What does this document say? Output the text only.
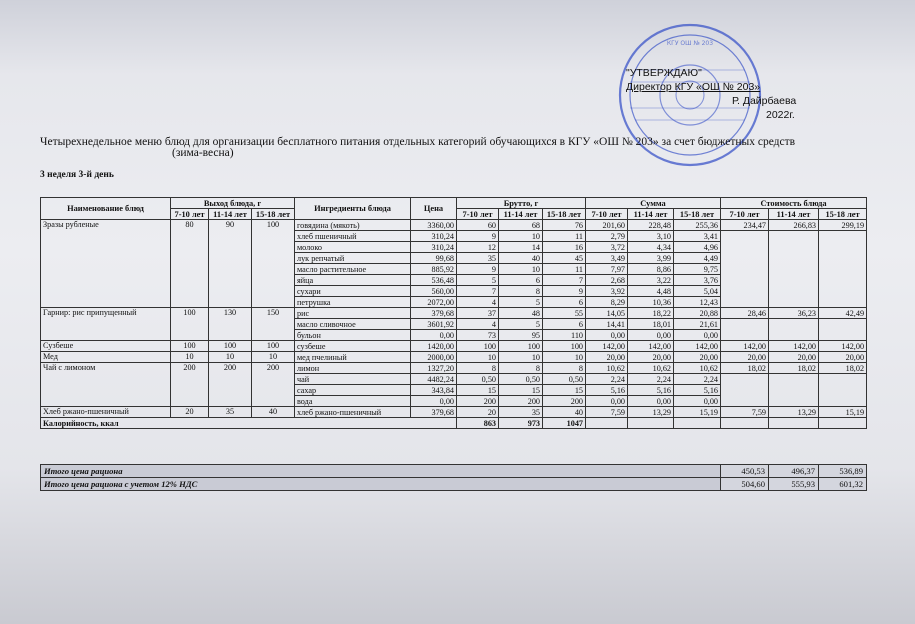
КГУ ОШ № 203
"УТВЕРЖДАЮ"
Директор КГУ «ОШ № 203»
Р. Дайрбаева
2022г.
Четырехнедельное меню блюд для организации бесплатного питания отдельных категорий обучающихся в КГУ «ОШ № 203» за счет бюджетных средств
(зима-весна)
3 неделя 3-й день
Наименование блюд	Выход блюда, г			Ингредиенты блюда	Цена	Брутто, г			Сумма			Стоимость блюда		
	7-10 лет	11-14 лет	15-18 лет			7-10 лет	11-14 лет	15-18 лет	7-10 лет	11-14 лет	15-18 лет	7-10 лет	11-14 лет	15-18 лет
Зразы рубленые	80	90	100	говядина (мякоть)	3360,00	60	68	76	201,60	228,48	255,36	234,47	266,83	299,19
				хлеб пшеничный	310,24	9	10	11	2,79	3,10	3,41			
				молоко	310,24	12	14	16	3,72	4,34	4,96			
				лук репчатый	99,68	35	40	45	3,49	3,99	4,49			
				масло растительное	885,92	9	10	11	7,97	8,86	9,75			
				яйца	536,48	5	6	7	2,68	3,22	3,76			
				сухари	560,00	7	8	9	3,92	4,48	5,04			
				петрушка	2072,00	4	5	6	8,29	10,36	12,43			
Гарнир: рис припущенный	100	130	150	рис	379,68	37	48	55	14,05	18,22	20,88	28,46	36,23	42,49
				масло сливочное	3601,92	4	5	6	14,41	18,01	21,61			
				бульон	0,00	73	95	110	0,00	0,00	0,00			
Сузбеше	100	100	100	сузбеше	1420,00	100	100	100	142,00	142,00	142,00	142,00	142,00	142,00
Мед	10	10	10	мед пчелиный	2000,00	10	10	10	20,00	20,00	20,00	20,00	20,00	20,00
Чай с лимоном	200	200	200	лимон	1327,20	8	8	8	10,62	10,62	10,62	18,02	18,02	18,02
				чай	4482,24	0,50	0,50	0,50	2,24	2,24	2,24			
				сахар	343,84	15	15	15	5,16	5,16	5,16			
				вода	0,00	200	200	200	0,00	0,00	0,00			
Хлеб ржано-пшеничный	20	35	40	хлеб ржано-пшеничный	379,68	20	35	40	7,59	13,29	15,19	7,59	13,29	15,19
Калорийность, ккал						863	973	1047						
Итого цена рациона	450,53	496,37	536,89
Итого цена рациона с учетом 12% НДС	504,60	555,93	601,32
